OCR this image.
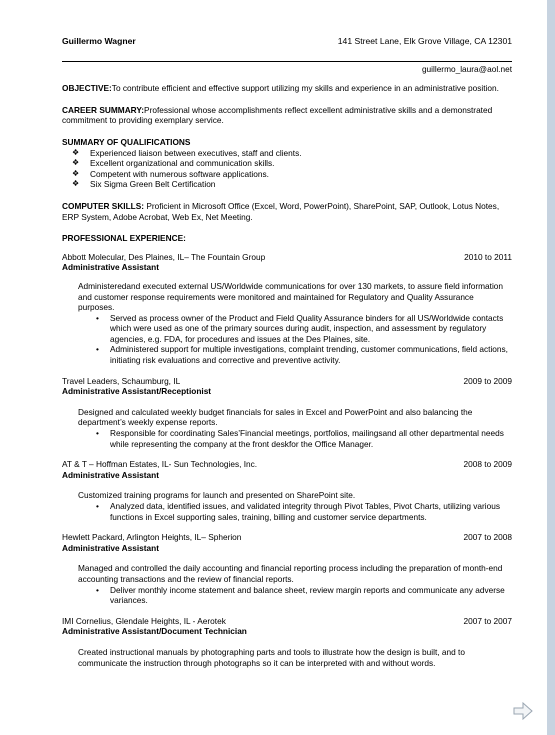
Guillermo Wagner	141 Street Lane, Elk Grove Village, CA 12301
guillermo_laura@aol.net

OBJECTIVE:To contribute efficient and effective support utilizing my skills and experience in an administrative position.

CAREER SUMMARY:Professional whose accomplishments reflect excellent administrative skills and a demonstrated commitment to providing exemplary service.

SUMMARY OF QUALIFICATIONS
❖ Experienced liaison between executives, staff and clients.
❖ Excellent organizational and communication skills.
❖ Competent with numerous software applications.
❖ Six Sigma Green Belt Certification

COMPUTER SKILLS: Proficient in Microsoft Office (Excel, Word, PowerPoint), SharePoint, SAP, Outlook, Lotus Notes, ERP System, Adobe Acrobat, Web Ex, Net Meeting.

PROFESSIONAL EXPERIENCE:
Abbott Molecular, Des Plaines, IL– The Fountain Group	2010 to 2011
Administrative Assistant
Administeredand executed external US/Worldwide communications for over 130 markets, to assure field information and customer response requirements were monitored and maintained for Regulatory and Quality Assurance purposes.
• Served as process owner of the Product and Field Quality Assurance binders for all US/Worldwide contacts which were used as one of the primary sources during audit, inspection, and assessment by regulatory agencies, e.g. FDA, for procedures and issues at the Des Plaines, site.
• Administered support for multiple investigations, complaint trending, customer communications, field actions, initiating risk evaluations and corrective and preventive activity.
Travel Leaders, Schaumburg, IL	2009 to 2009
Administrative Assistant/Receptionist
Designed and calculated weekly budget financials for sales in Excel and PowerPoint and also balancing the department’s weekly expense reports.
• Responsible for coordinating Sales’Financial meetings, portfolios, mailingsand all other departmental needs while representing the company at the front deskfor the Office Manager.
AT & T – Hoffman Estates, IL- Sun Technologies, Inc.	2008 to 2009
Administrative Assistant
Customized training programs for launch and presented on SharePoint site.
• Analyzed data, identified issues, and validated integrity through Pivot Tables, Pivot Charts, utilizing various functions in Excel supporting sales, training, billing and customer service departments.
Hewlett Packard, Arlington Heights, IL– Spherion	2007 to 2008
Administrative Assistant
Managed and controlled the daily accounting and financial reporting process including the preparation of month-end accounting transactions and the review of financial reports.
• Deliver monthly income statement and balance sheet, review margin reports and communicate any adverse variances.
IMI Cornelius, Glendale Heights, IL - Aerotek	2007 to 2007
Administrative Assistant/Document Technician
Created instructional manuals by photographing parts and tools to illustrate how the design is built, and to communicate the instruction through photographs so it can be interpreted with and without words.
